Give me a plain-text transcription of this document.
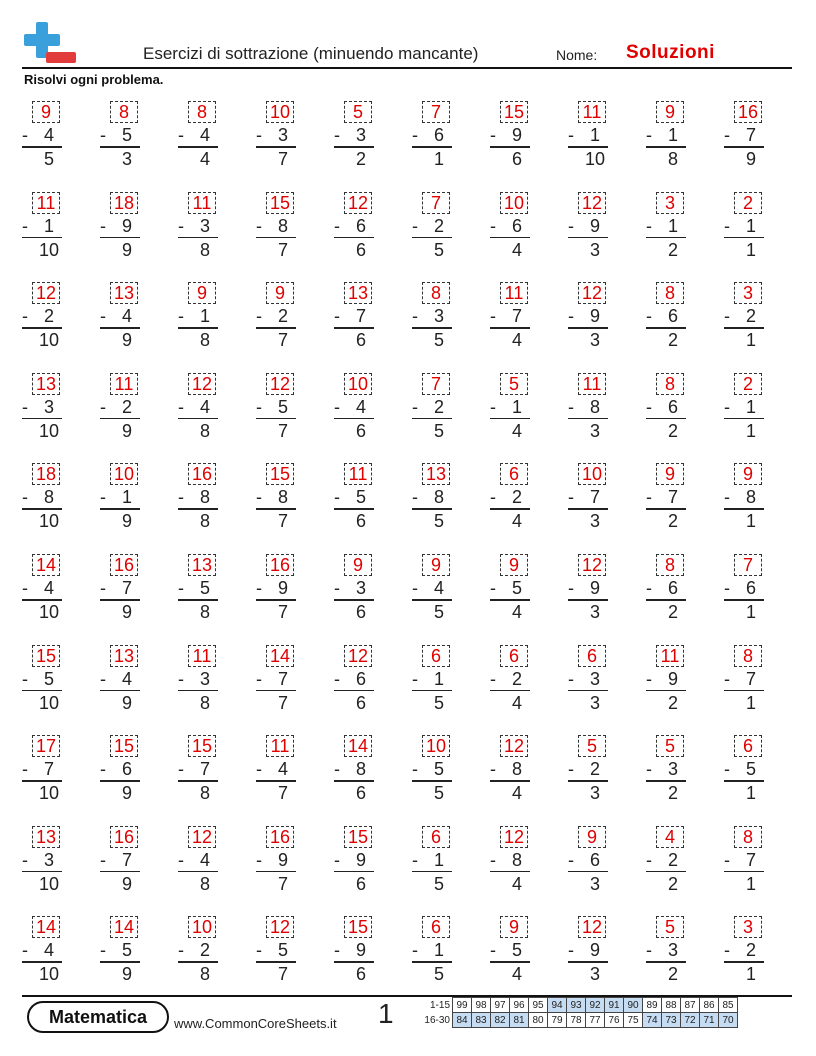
Esercizi di sottrazione (minuendo mancante)	Nome: Soluzioni
Risolvi ogni problema.
9
- 4
5
8
- 5
3
8
- 4
4
10
- 3
7
5
- 3
2
7
- 6
1
15
- 9
6
11
- 1
10
9
- 1
8
16
- 7
9
11
- 1
10
18
- 9
9
11
- 3
8
15
- 8
7
12
- 6
6
7
- 2
5
10
- 6
4
12
- 9
3
3
- 1
2
2
- 1
1
12
- 2
10
13
- 4
9
9
- 1
8
9
- 2
7
13
- 7
6
8
- 3
5
11
- 7
4
12
- 9
3
8
- 6
2
3
- 2
1
13
- 3
10
11
- 2
9
12
- 4
8
12
- 5
7
10
- 4
6
7
- 2
5
5
- 1
4
11
- 8
3
8
- 6
2
2
- 1
1
18
- 8
10
10
- 1
9
16
- 8
8
15
- 8
7
11
- 5
6
13
- 8
5
6
- 2
4
10
- 7
3
9
- 7
2
9
- 8
1
14
- 4
10
16
- 7
9
13
- 5
8
16
- 9
7
9
- 3
6
9
- 4
5
9
- 5
4
12
- 9
3
8
- 6
2
7
- 6
1
15
- 5
10
13
- 4
9
11
- 3
8
14
- 7
7
12
- 6
6
6
- 1
5
6
- 2
4
6
- 3
3
11
- 9
2
8
- 7
1
17
- 7
10
15
- 6
9
15
- 7
8
11
- 4
7
14
- 8
6
10
- 5
5
12
- 8
4
5
- 2
3
5
- 3
2
6
- 5
1
13
- 3
10
16
- 7
9
12
- 4
8
16
- 9
7
15
- 9
6
6
- 1
5
12
- 8
4
9
- 6
3
4
- 2
2
8
- 7
1
14
- 4
10
14
- 5
9
10
- 2
8
12
- 5
7
15
- 9
6
6
- 1
5
9
- 5
4
12
- 9
3
5
- 3
2
3
- 2
1
Matematica	www.CommonCoreSheets.it 1	1-15	99	98	97	96	95	94	93	92	91	90	89	88	87	86	85
16-30	84	83	82	81	80	79	78	77	76	75	74	73	72	71	70
